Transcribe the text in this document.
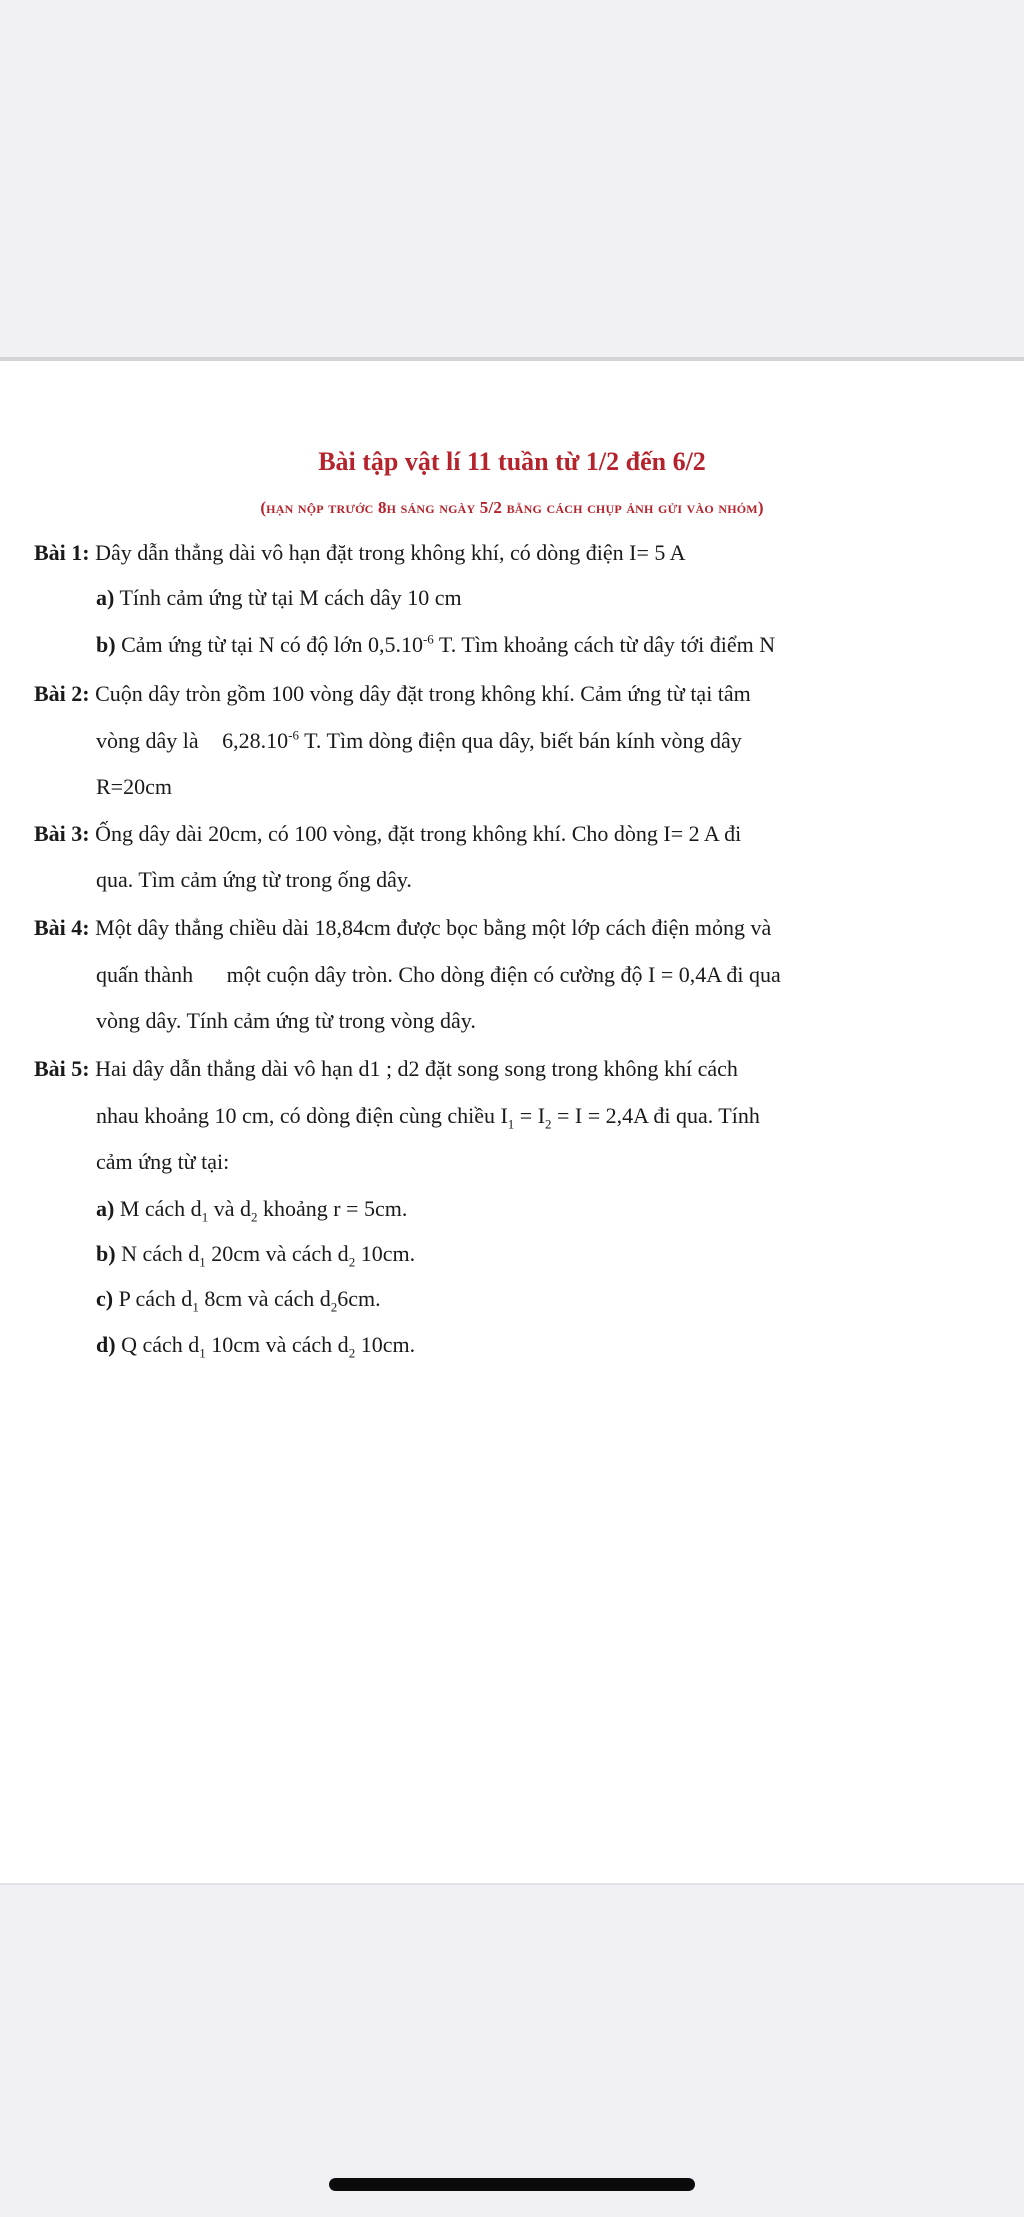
Bài tập vật lí 11 tuần từ 1/2 đến 6/2
(hạn nộp trước 8h sáng ngày 5/2 bằng cách chụp ảnh gửi vào nhóm)
Bài 1: Dây dẫn thẳng dài vô hạn đặt trong không khí, có dòng điện I= 5 A
a) Tính cảm ứng từ tại M cách dây 10 cm
b) Cảm ứng từ tại N có độ lớn $0,5.10^{-6}$ T. Tìm khoảng cách từ dây tới điểm N
Bài 2: Cuộn dây tròn gồm 100 vòng dây đặt trong không khí. Cảm ứng từ tại tâm
vòng dây là $6,28.10^{-6}$ T. Tìm dòng điện qua dây, biết bán kính vòng dây
R=20cm
Bài 3: Ống dây dài 20cm, có 100 vòng, đặt trong không khí. Cho dòng I= 2 A đi
qua. Tìm cảm ứng từ trong ống dây.
Bài 4: Một dây thẳng chiều dài 18,84cm được bọc bằng một lớp cách điện mỏng và
quấn thành một cuộn dây tròn. Cho dòng điện có cường độ I = 0,4A đi qua
vòng dây. Tính cảm ứng từ trong vòng dây.
Bài 5: Hai dây dẫn thẳng dài vô hạn d1 ; d2 đặt song song trong không khí cách
nhau khoảng 10 cm, có dòng điện cùng chiều $I_1 = I_2 = I = 2,4A$ đi qua. Tính
cảm ứng từ tại:
a) M cách $d_1$ và $d_2$ khoảng r = 5cm.
b) N cách $d_1$ 20cm và cách $d_2$ 10cm.
c) P cách $d_1$ 8cm và cách $d_26cm$.
d) Q cách $d_1$ 10cm và cách $d_2$ 10cm.
